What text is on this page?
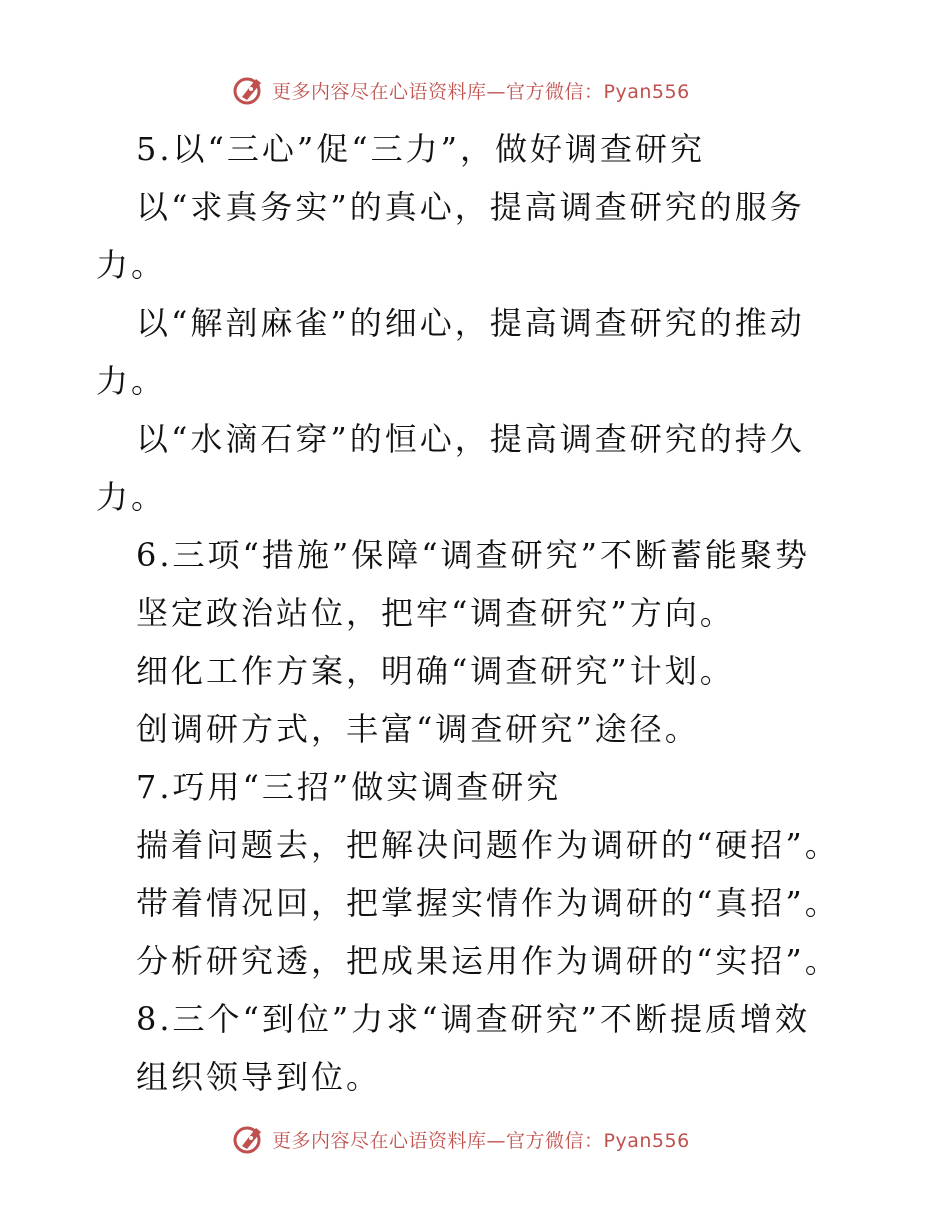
更多内容尽在心语资料库—官方微信：Pyan556
5.以“三心”促“三力”，做好调查研究
以“求真务实”的真心，提高调查研究的服务
力。
以“解剖麻雀”的细心，提高调查研究的推动
力。
以“水滴石穿”的恒心，提高调查研究的持久
力。
6.三项“措施”保障“调查研究”不断蓄能聚势
坚定政治站位，把牢“调查研究”方向。
细化工作方案，明确“调查研究”计划。
创调研方式，丰富“调查研究”途径。
7.巧用“三招”做实调查研究
揣着问题去，把解决问题作为调研的“硬招”。
带着情况回，把掌握实情作为调研的“真招”。
分析研究透，把成果运用作为调研的“实招”。
8.三个“到位”力求“调查研究”不断提质增效
组织领导到位。
更多内容尽在心语资料库—官方微信：Pyan556
